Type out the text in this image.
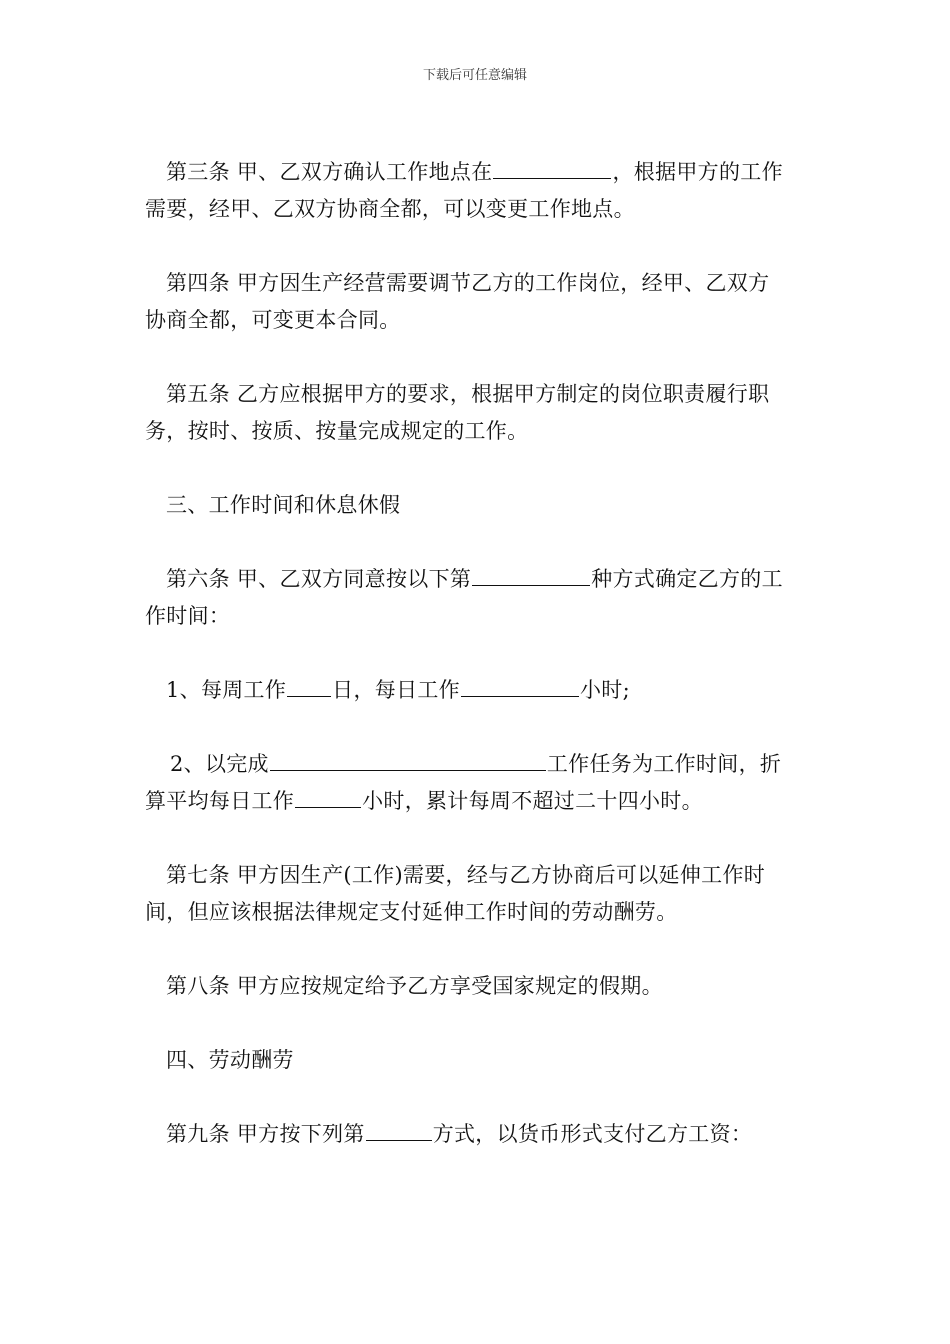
下载后可任意编辑
第三条 甲、乙双方确认工作地点在	，根据甲方的工作
需要，经甲、乙双方协商全都，可以变更工作地点。
第四条 甲方因生产经营需要调节乙方的工作岗位，经甲、乙双方
协商全都，可变更本合同。
第五条 乙方应根据甲方的要求，根据甲方制定的岗位职责履行职
务，按时、按质、按量完成规定的工作。
三、工作时间和休息休假
第六条 甲、乙双方同意按以下第	种方式确定乙方的工
作时间：
1、每周工作 日，每日工作	小时;
2、以完成	工作任务为工作时间，折
算平均每日工作	小时，累计每周不超过二十四小时。
第七条 甲方因生产(工作)需要，经与乙方协商后可以延伸工作时
间，但应该根据法律规定支付延伸工作时间的劳动酬劳。
第八条 甲方应按规定给予乙方享受国家规定的假期。
四、劳动酬劳
第九条 甲方按下列第	方式，以货币形式支付乙方工资：
